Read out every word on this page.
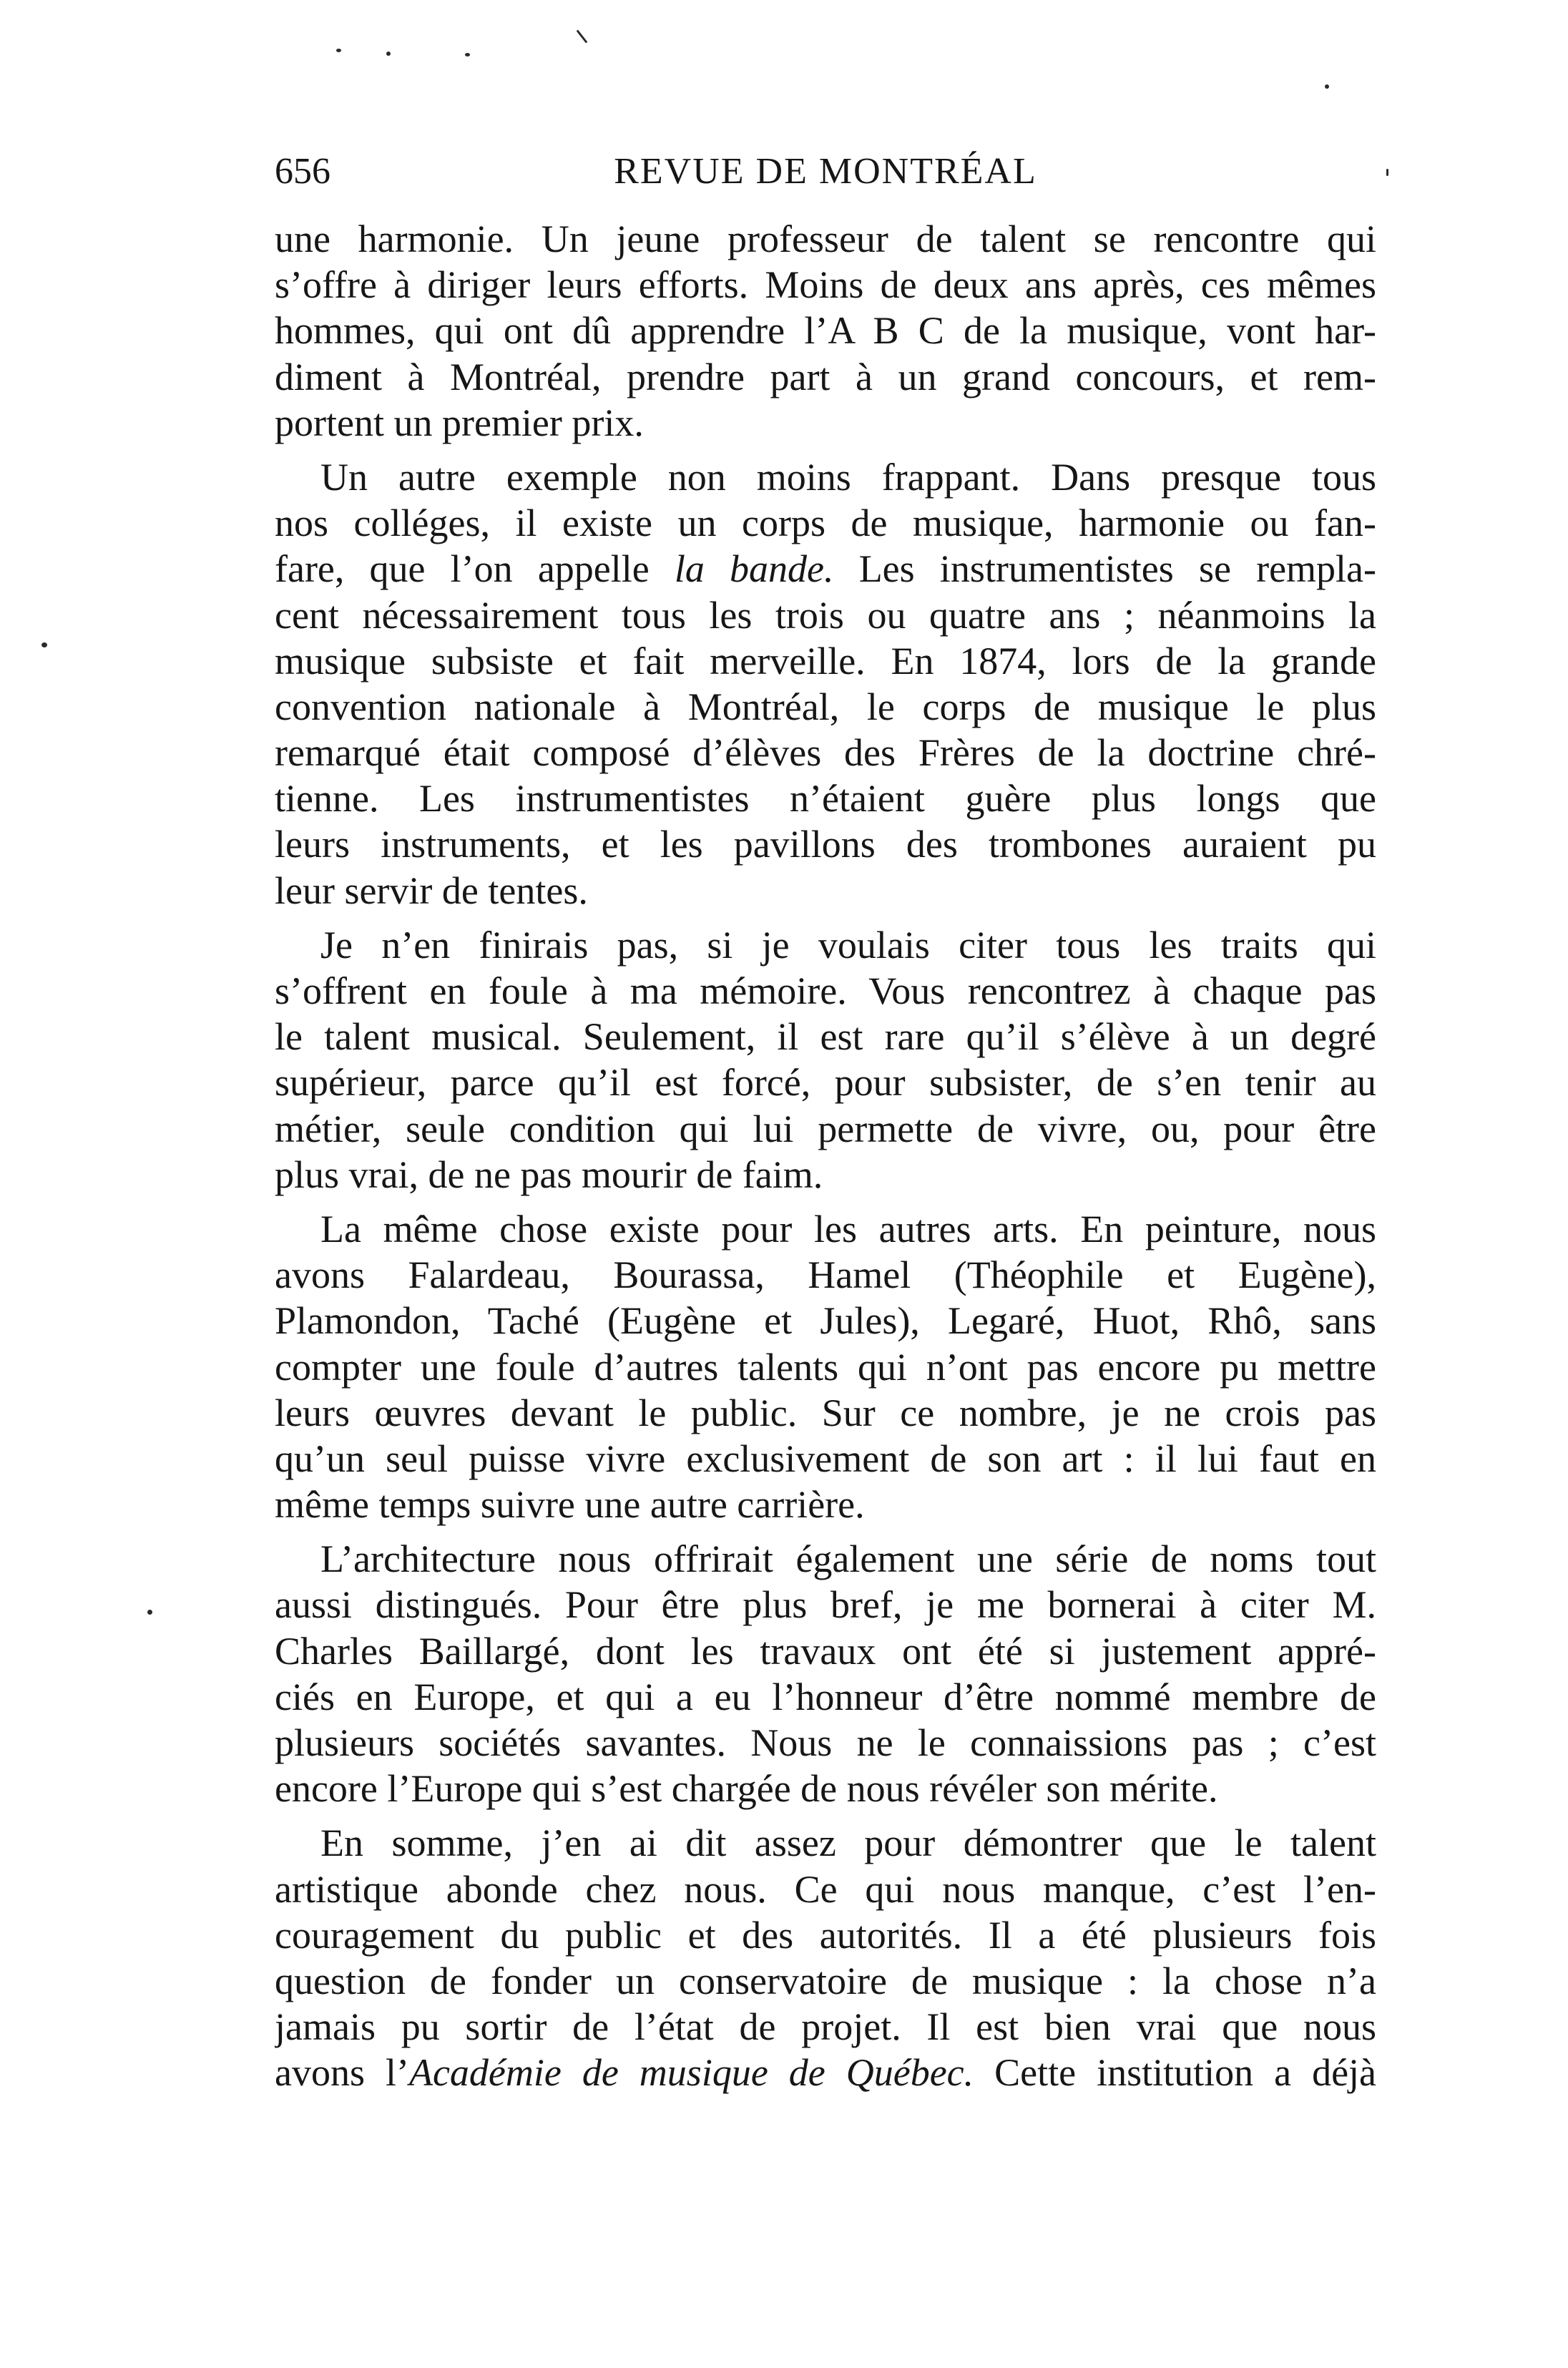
656	REVUE DE MONTRÉAL
une harmonie. Un jeune professeur de talent se rencontre qui
s’offre à diriger leurs efforts. Moins de deux ans après, ces mêmes
hommes, qui ont dû apprendre l’A B C de la musique, vont har-
diment à Montréal, prendre part à un grand concours, et rem-
portent un premier prix.
Un autre exemple non moins frappant. Dans presque tous
nos colléges, il existe un corps de musique, harmonie ou fan-
fare, que l’on appelle la bande. Les instrumentistes se rempla-
cent nécessairement tous les trois ou quatre ans ; néanmoins la
musique subsiste et fait merveille. En 1874, lors de la grande
convention nationale à Montréal, le corps de musique le plus
remarqué était composé d’élèves des Frères de la doctrine chré-
tienne. Les instrumentistes n’étaient guère plus longs que
leurs instruments, et les pavillons des trombones auraient pu
leur servir de tentes.
Je n’en finirais pas, si je voulais citer tous les traits qui
s’offrent en foule à ma mémoire. Vous rencontrez à chaque pas
le talent musical. Seulement, il est rare qu’il s’élève à un degré
supérieur, parce qu’il est forcé, pour subsister, de s’en tenir au
métier, seule condition qui lui permette de vivre, ou, pour être
plus vrai, de ne pas mourir de faim.
La même chose existe pour les autres arts. En peinture, nous
avons Falardeau, Bourassa, Hamel (Théophile et Eugène),
Plamondon, Taché (Eugène et Jules), Legaré, Huot, Rhô, sans
compter une foule d’autres talents qui n’ont pas encore pu mettre
leurs œuvres devant le public. Sur ce nombre, je ne crois pas
qu’un seul puisse vivre exclusivement de son art : il lui faut en
même temps suivre une autre carrière.
L’architecture nous offrirait également une série de noms tout
aussi distingués. Pour être plus bref, je me bornerai à citer M.
Charles Baillargé, dont les travaux ont été si justement appré-
ciés en Europe, et qui a eu l’honneur d’être nommé membre de
plusieurs sociétés savantes. Nous ne le connaissions pas ; c’est
encore l’Europe qui s’est chargée de nous révéler son mérite.
En somme, j’en ai dit assez pour démontrer que le talent
artistique abonde chez nous. Ce qui nous manque, c’est l’en-
couragement du public et des autorités. Il a été plusieurs fois
question de fonder un conservatoire de musique : la chose n’a
jamais pu sortir de l’état de projet. Il est bien vrai que nous
avons l’Académie de musique de Québec. Cette institution a déjà
